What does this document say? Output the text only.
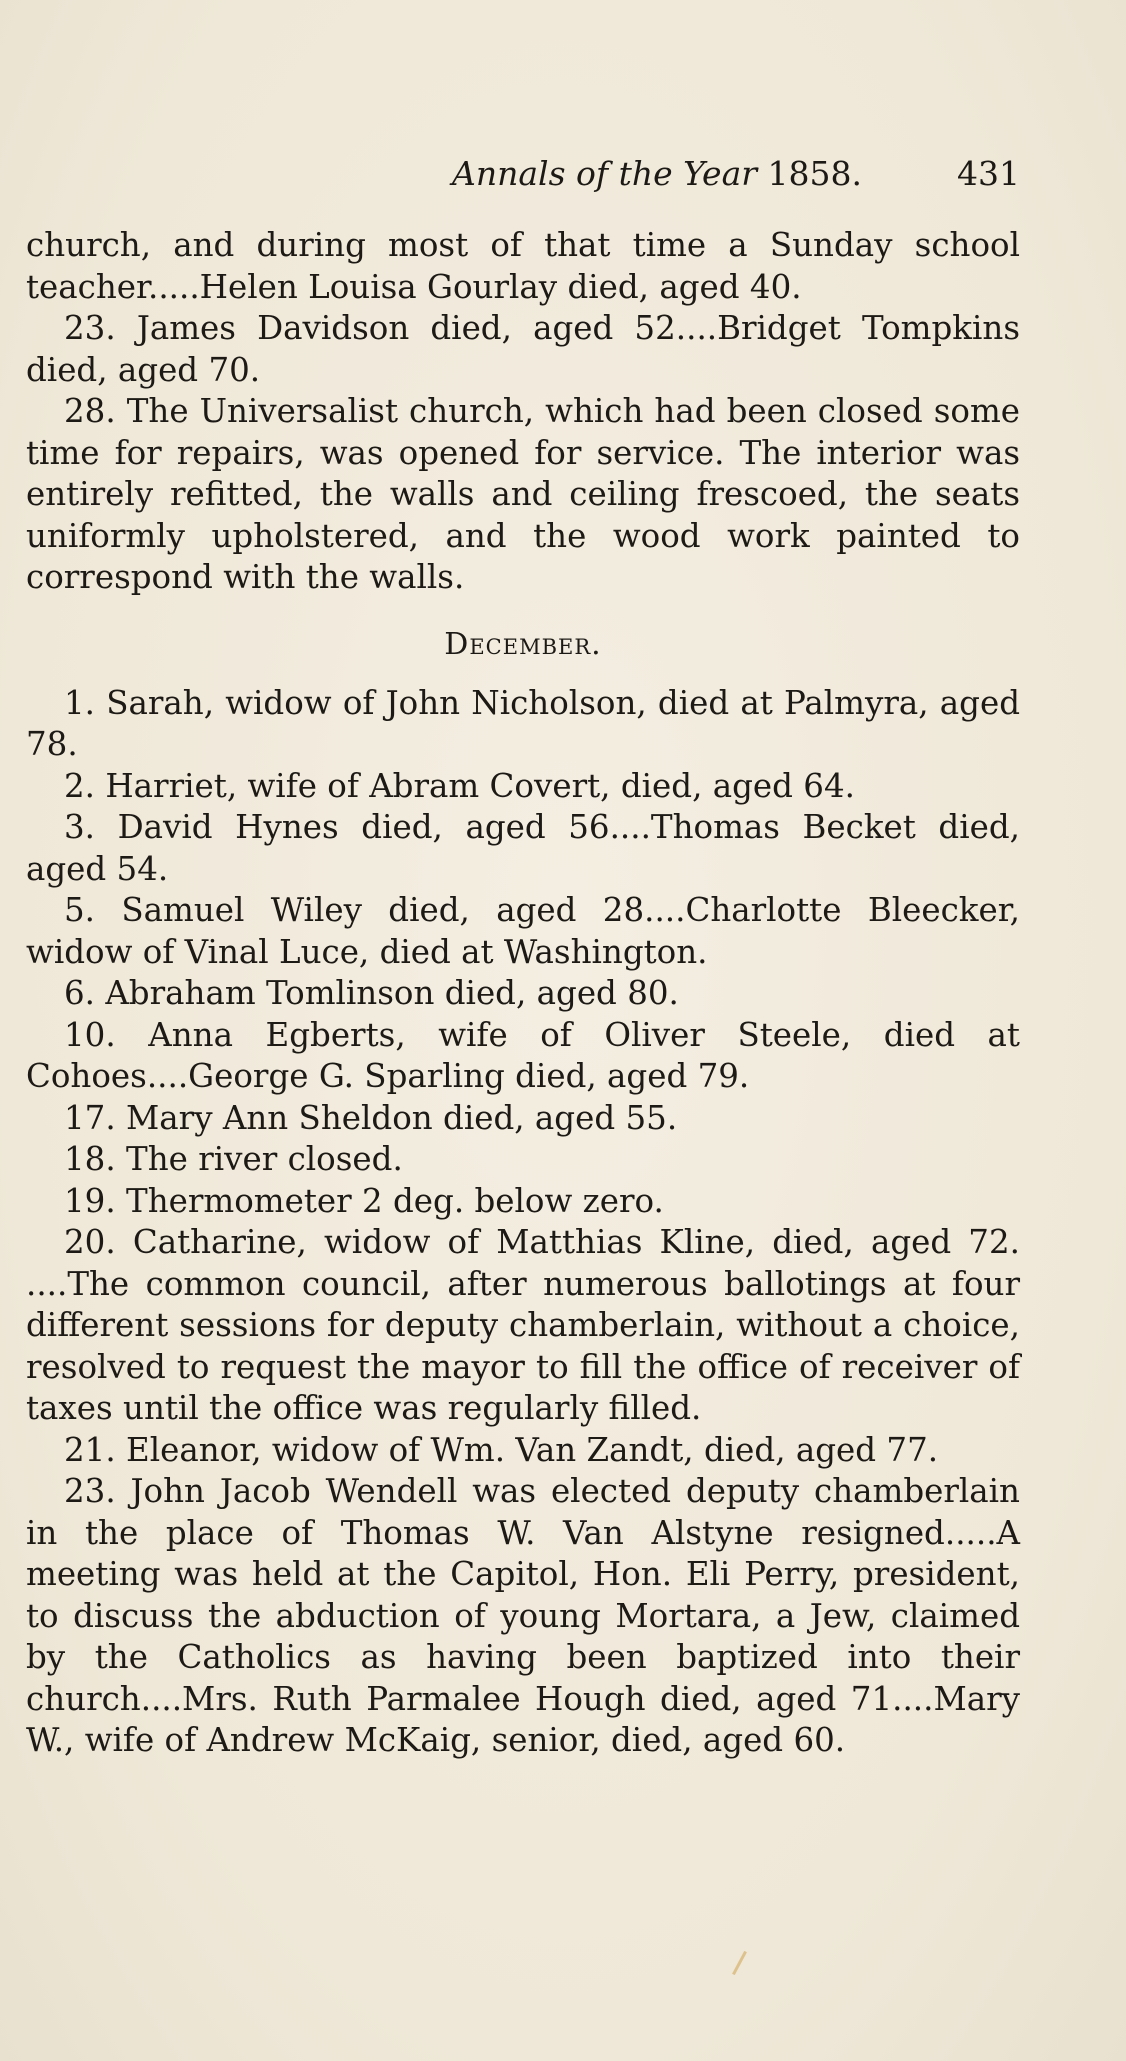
Annals of the Year 1858.	431

church, and during most of that time a Sunday school teacher.....Helen Louisa Gourlay died, aged 40.

23. James Davidson died, aged 52....Bridget Tompkins died, aged 70.

28. The Universalist church, which had been closed some time for repairs, was opened for service. The interior was entirely refitted, the walls and ceiling frescoed, the seats uniformly upholstered, and the wood work painted to correspond with the walls.

December.

1. Sarah, widow of John Nicholson, died at Palmyra, aged 78.

2. Harriet, wife of Abram Covert, died, aged 64.

3. David Hynes died, aged 56....Thomas Becket died, aged 54.

5. Samuel Wiley died, aged 28....Charlotte Bleecker, widow of Vinal Luce, died at Washington.

6. Abraham Tomlinson died, aged 80.

10. Anna Egberts, wife of Oliver Steele, died at Cohoes....George G. Sparling died, aged 79.

17. Mary Ann Sheldon died, aged 55.

18. The river closed.

19. Thermometer 2 deg. below zero.

20. Catharine, widow of Matthias Kline, died, aged 72. ....The common council, after numerous ballotings at four different sessions for deputy chamberlain, without a choice, resolved to request the mayor to fill the office of receiver of taxes until the office was regularly filled.

21. Eleanor, widow of Wm. Van Zandt, died, aged 77.

23. John Jacob Wendell was elected deputy chamberlain in the place of Thomas W. Van Alstyne resigned.....A meeting was held at the Capitol, Hon. Eli Perry, president, to discuss the abduction of young Mortara, a Jew, claimed by the Catholics as having been baptized into their church....Mrs. Ruth Parmalee Hough died, aged 71....Mary W., wife of Andrew McKaig, senior, died, aged 60.
